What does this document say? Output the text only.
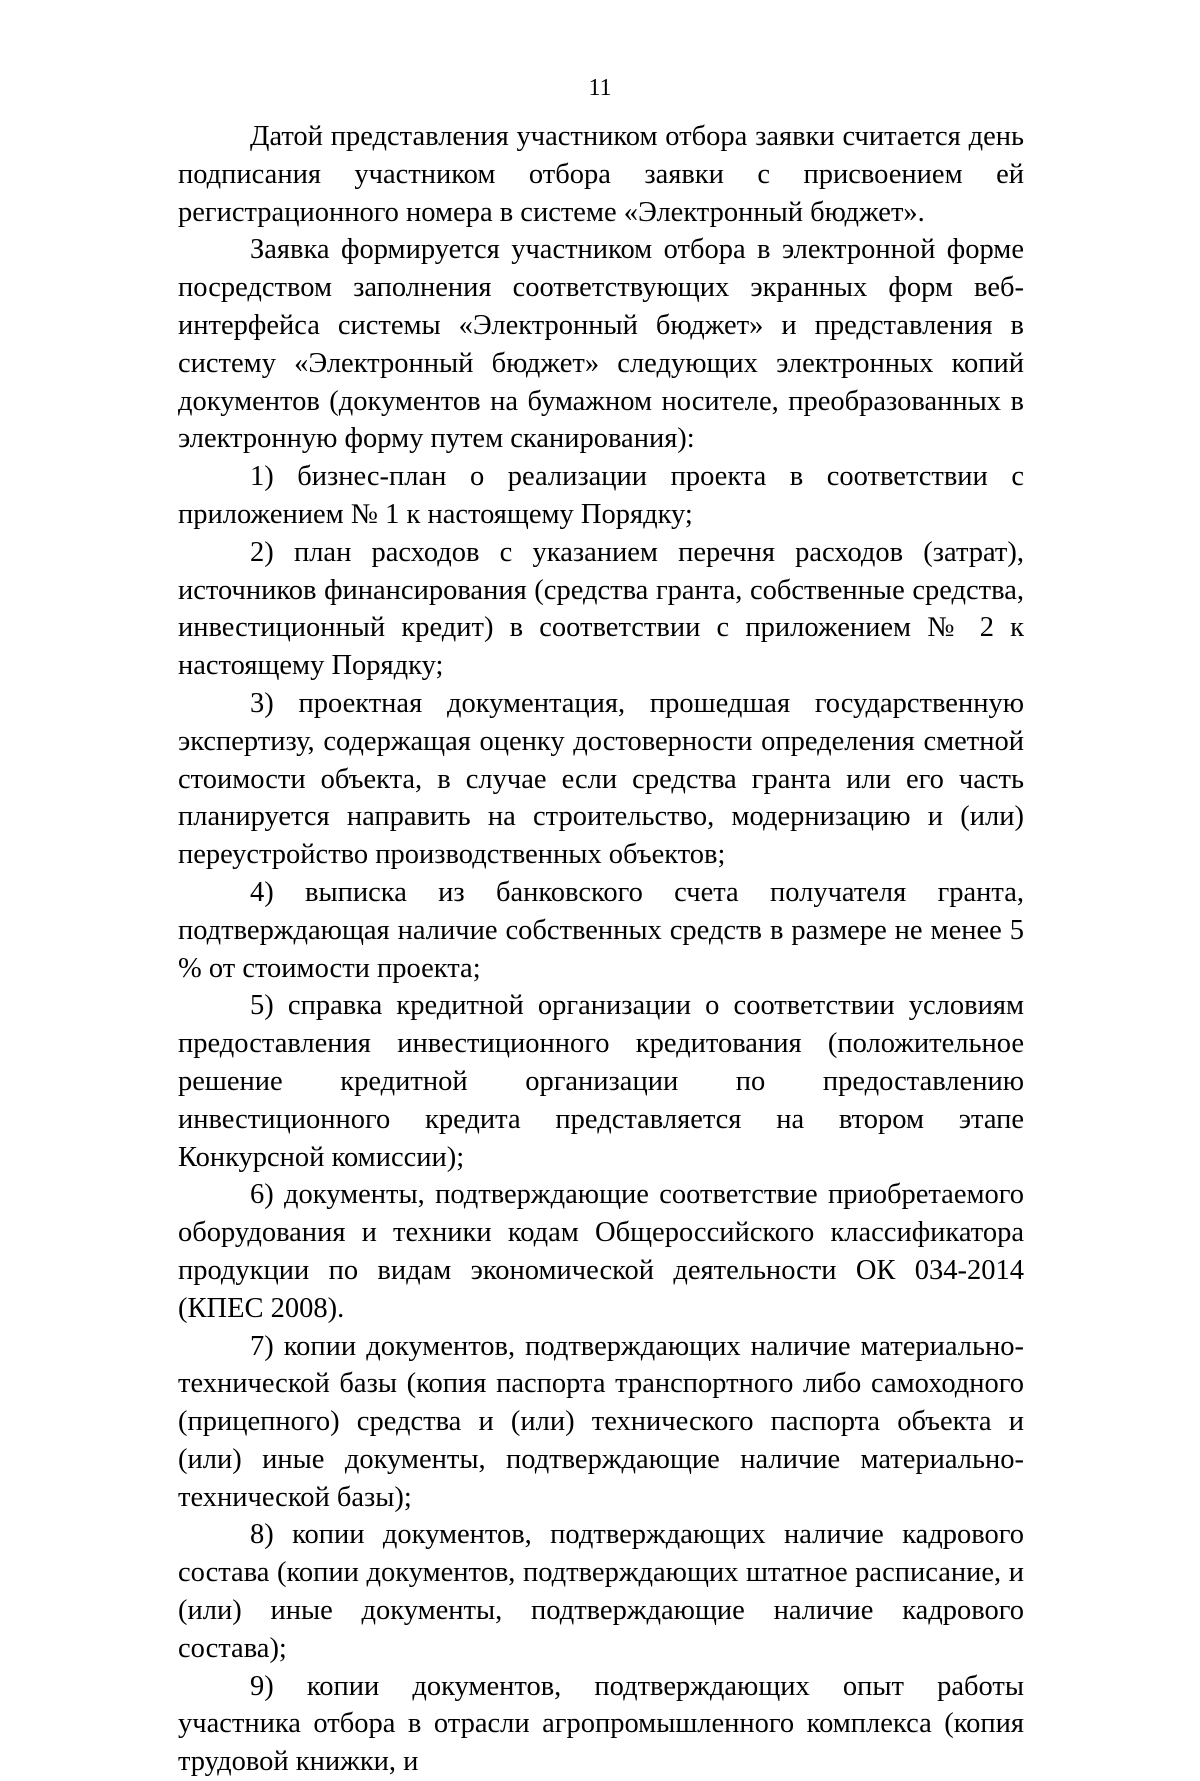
11

Датой представления участником отбора заявки считается день подписания участником отбора заявки с присвоением ей регистрационного номера в системе «Электронный бюджет».

Заявка формируется участником отбора в электронной форме посредством заполнения соответствующих экранных форм веб-интерфейса системы «Электронный бюджет» и представления в систему «Электронный бюджет» следующих электронных копий документов (документов на бумажном носителе, преобразованных в электронную форму путем сканирования):

1) бизнес-план о реализации проекта в соответствии с приложением № 1 к настоящему Порядку;

2) план расходов с указанием перечня расходов (затрат), источников финансирования (средства гранта, собственные средства, инвестиционный кредит) в соответствии с приложением № 2 к настоящему Порядку;

3) проектная документация, прошедшая государственную экспертизу, содержащая оценку достоверности определения сметной стоимости объекта, в случае если средства гранта или его часть планируется направить на строительство, модернизацию и (или) переустройство производственных объектов;

4) выписка из банковского счета получателя гранта, подтверждающая наличие собственных средств в размере не менее 5 % от стоимости проекта;

5) справка кредитной организации о соответствии условиям предоставления инвестиционного кредитования (положительное решение кредитной организации по предоставлению инвестиционного кредита представляется на втором этапе Конкурсной комиссии);

6) документы, подтверждающие соответствие приобретаемого оборудования и техники кодам Общероссийского классификатора продукции по видам экономической деятельности ОК 034-2014 (КПЕС 2008).

7) копии документов, подтверждающих наличие материально-технической базы (копия паспорта транспортного либо самоходного (прицепного) средства и (или) технического паспорта объекта и (или) иные документы, подтверждающие наличие материально-технической базы);

8) копии документов, подтверждающих наличие кадрового состава (копии документов, подтверждающих штатное расписание, и (или) иные документы, подтверждающие наличие кадрового состава);

9) копии документов, подтверждающих опыт работы участника отбора в отрасли агропромышленного комплекса (копия трудовой книжки, и
